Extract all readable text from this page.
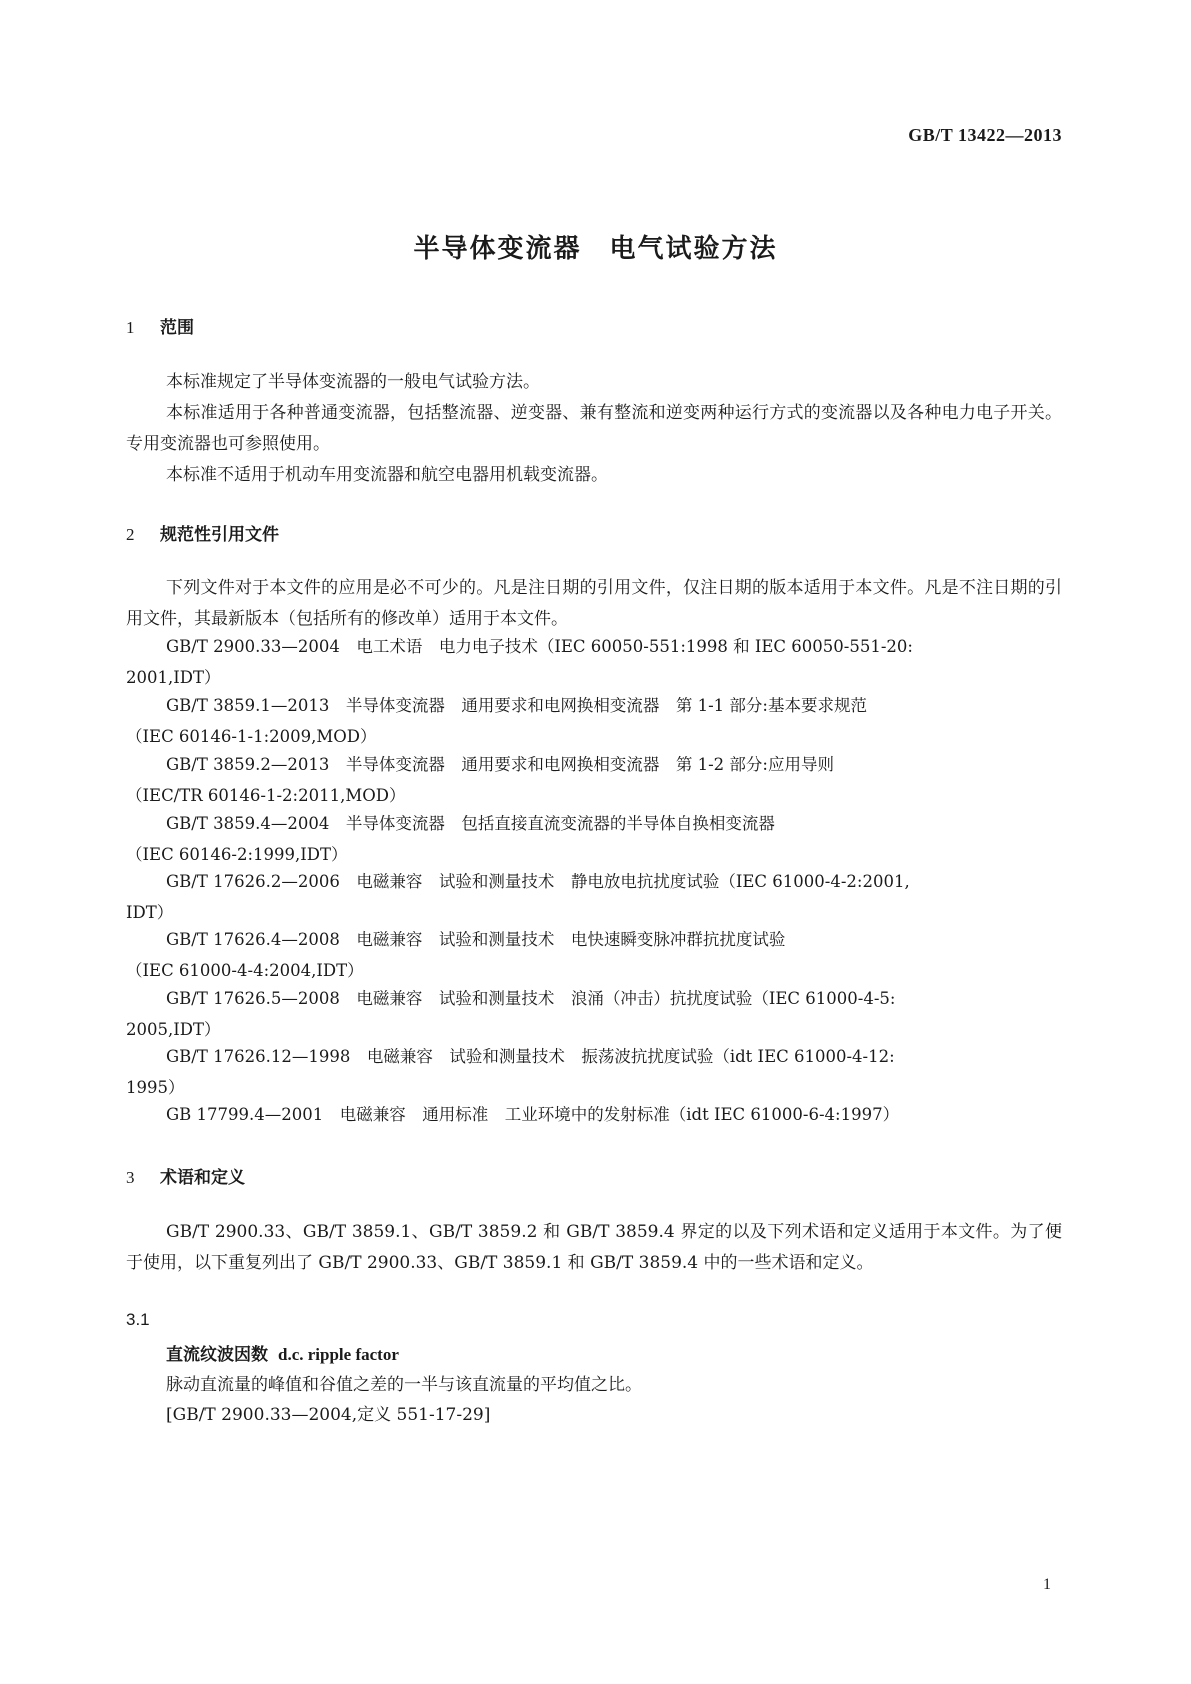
GB/T 13422—2013
半导体变流器　电气试验方法
1 范围
本标准规定了半导体变流器的一般电气试验方法。
本标准适用于各种普通变流器，包括整流器、逆变器、兼有整流和逆变两种运行方式的变流器以及各种电力电子开关。专用变流器也可参照使用。
本标准不适用于机动车用变流器和航空电器用机载变流器。
2 规范性引用文件
下列文件对于本文件的应用是必不可少的。凡是注日期的引用文件，仅注日期的版本适用于本文件。凡是不注日期的引用文件，其最新版本（包括所有的修改单）适用于本文件。
GB/T 2900.33—2004　电工术语　电力电子技术（IEC 60050-551:1998 和 IEC 60050-551-20:
2001,IDT）
GB/T 3859.1—2013　半导体变流器　通用要求和电网换相变流器　第 1-1 部分:基本要求规范
（IEC 60146-1-1:2009,MOD）
GB/T 3859.2—2013　半导体变流器　通用要求和电网换相变流器　第 1-2 部分:应用导则
（IEC/TR 60146-1-2:2011,MOD）
GB/T 3859.4—2004　半导体变流器　包括直接直流变流器的半导体自换相变流器
（IEC 60146-2:1999,IDT）
GB/T 17626.2—2006　电磁兼容　试验和测量技术　静电放电抗扰度试验（IEC 61000-4-2:2001,
IDT）
GB/T 17626.4—2008　电磁兼容　试验和测量技术　电快速瞬变脉冲群抗扰度试验
（IEC 61000-4-4:2004,IDT）
GB/T 17626.5—2008　电磁兼容　试验和测量技术　浪涌（冲击）抗扰度试验（IEC 61000-4-5:
2005,IDT）
GB/T 17626.12—1998　电磁兼容　试验和测量技术　振荡波抗扰度试验（idt IEC 61000-4-12:
1995）
GB 17799.4—2001　电磁兼容　通用标准　工业环境中的发射标准（idt IEC 61000-6-4:1997）
3 术语和定义
GB/T 2900.33、GB/T 3859.1、GB/T 3859.2 和 GB/T 3859.4 界定的以及下列术语和定义适用于本文件。为了便于使用，以下重复列出了 GB/T 2900.33、GB/T 3859.1 和 GB/T 3859.4 中的一些术语和定义。
3.1
直流纹波因数 d.c. ripple factor
脉动直流量的峰值和谷值之差的一半与该直流量的平均值之比。
[GB/T 2900.33—2004,定义 551-17-29]
1
